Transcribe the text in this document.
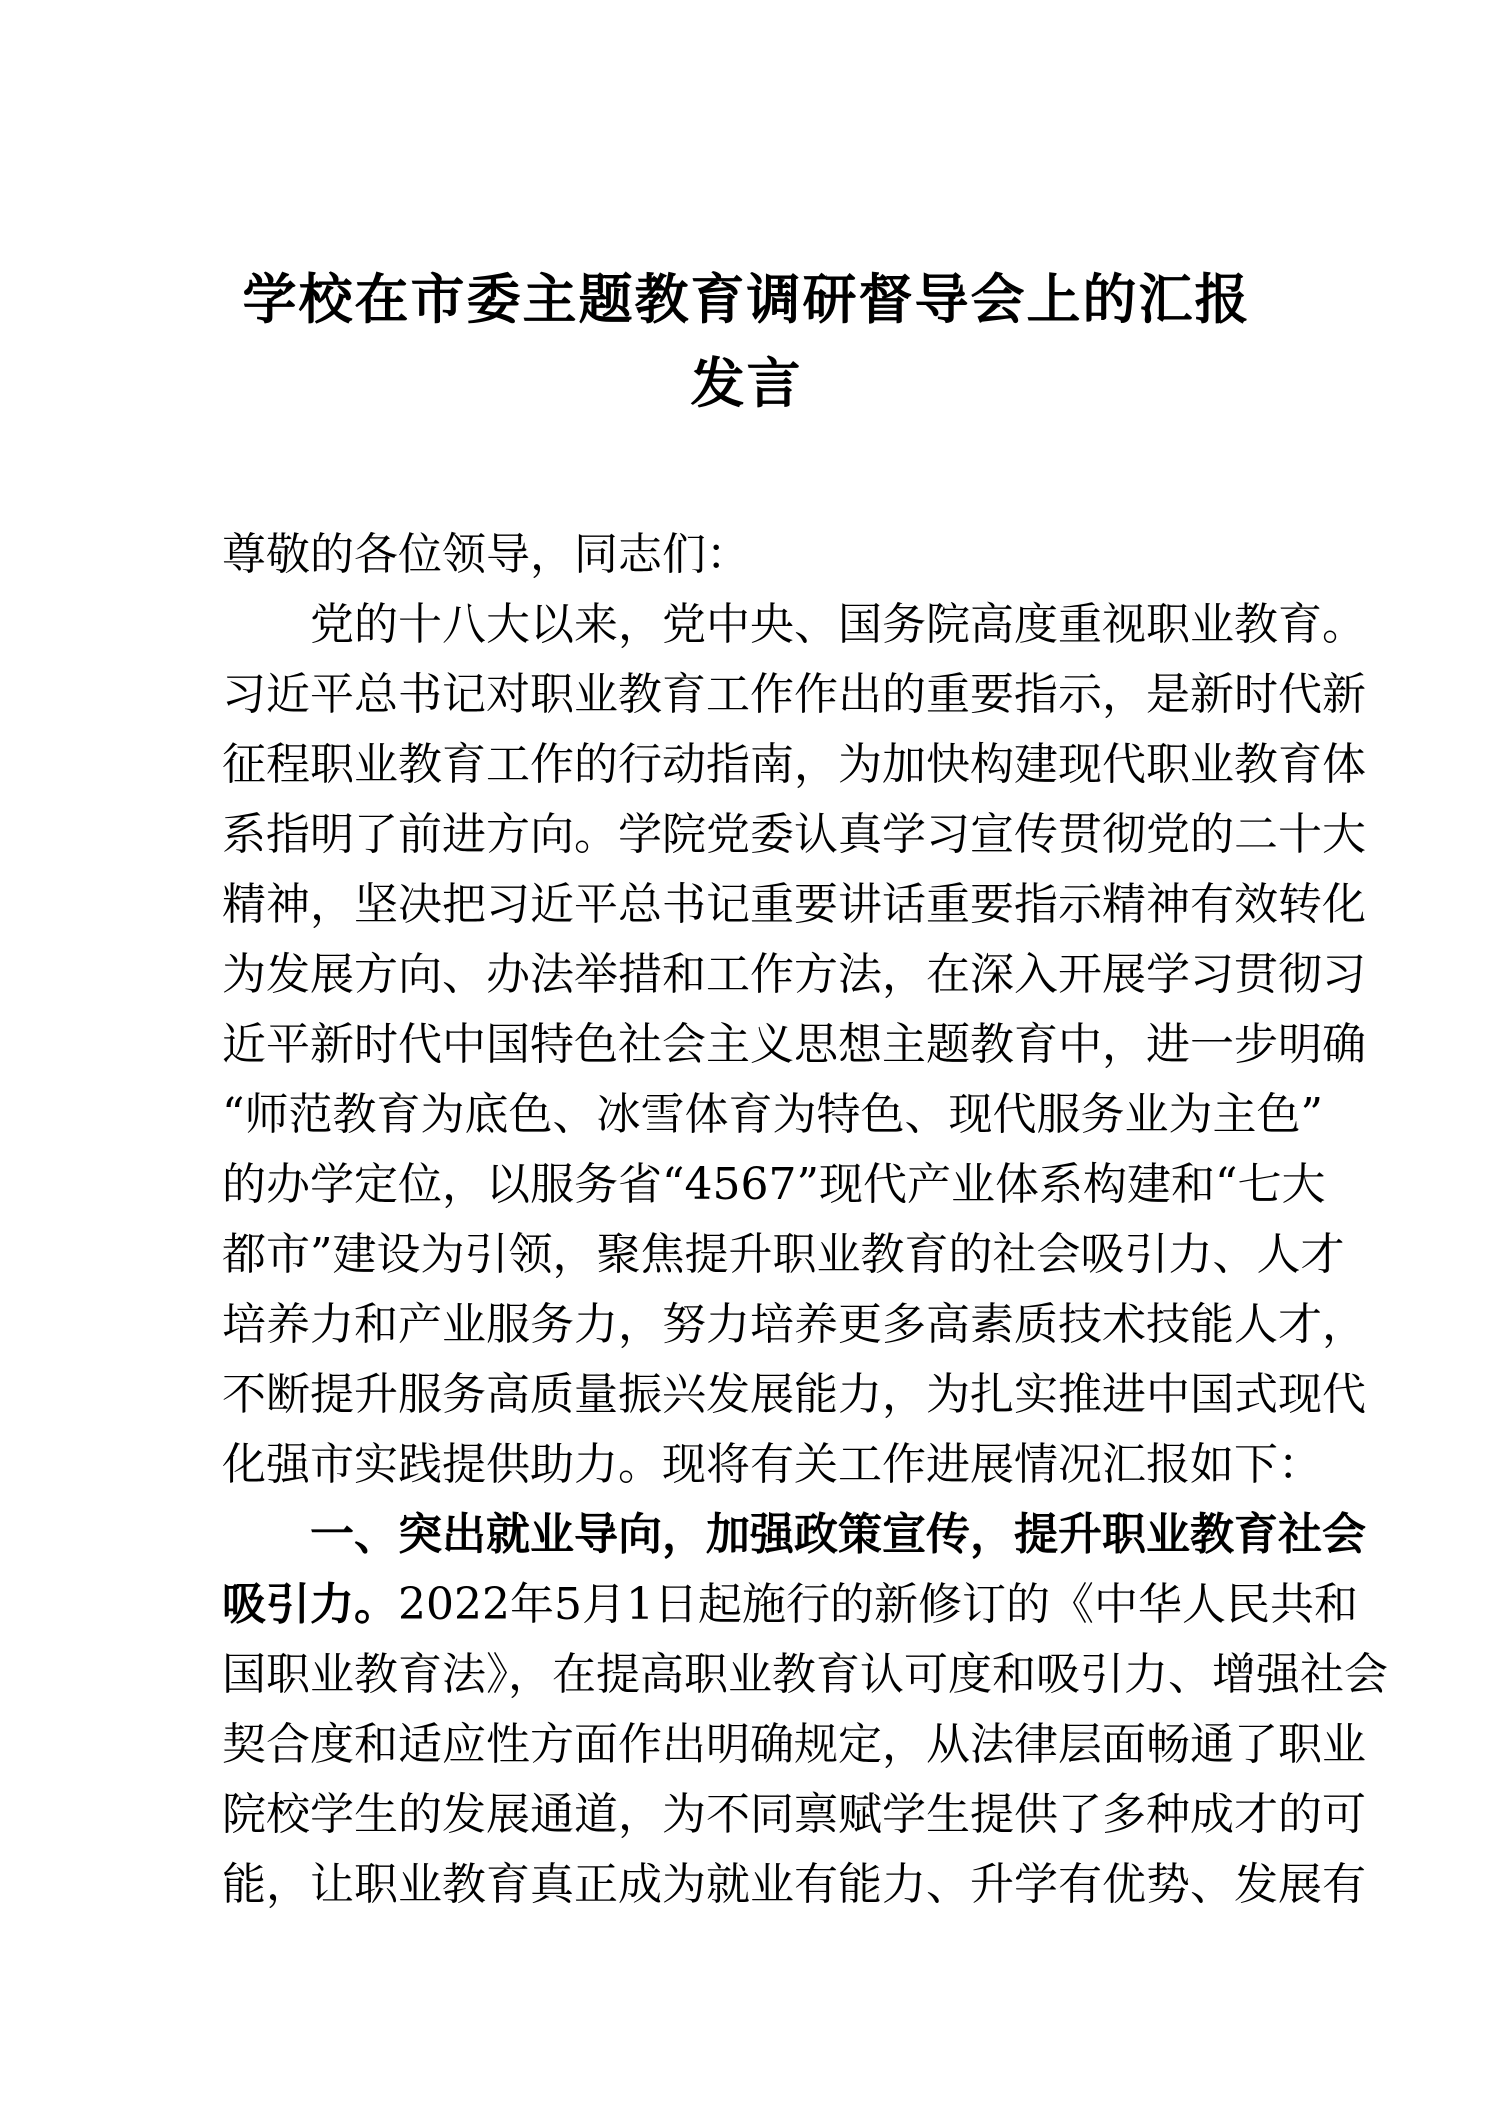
学校在市委主题教育调研督导会上的汇报
发言
尊敬的各位领导，同志们：
党的十八大以来，党中央、国务院高度重视职业教育。
习近平总书记对职业教育工作作出的重要指示，是新时代新
征程职业教育工作的行动指南，为加快构建现代职业教育体
系指明了前进方向。学院党委认真学习宣传贯彻党的二十大
精神，坚决把习近平总书记重要讲话重要指示精神有效转化
为发展方向、办法举措和工作方法，在深入开展学习贯彻习
近平新时代中国特色社会主义思想主题教育中，进一步明确
“师范教育为底色、冰雪体育为特色、现代服务业为主色”
的办学定位，以服务省“4567”现代产业体系构建和“七大
都市”建设为引领，聚焦提升职业教育的社会吸引力、人才
培养力和产业服务力，努力培养更多高素质技术技能人才，
不断提升服务高质量振兴发展能力，为扎实推进中国式现代
化强市实践提供助力。现将有关工作进展情况汇报如下：
一、突出就业导向，加强政策宣传，提升职业教育社会
吸引力。2022年5月1日起施行的新修订的《中华人民共和
国职业教育法》，在提高职业教育认可度和吸引力、增强社会
契合度和适应性方面作出明确规定，从法律层面畅通了职业
院校学生的发展通道，为不同禀赋学生提供了多种成才的可
能，让职业教育真正成为就业有能力、升学有优势、发展有
